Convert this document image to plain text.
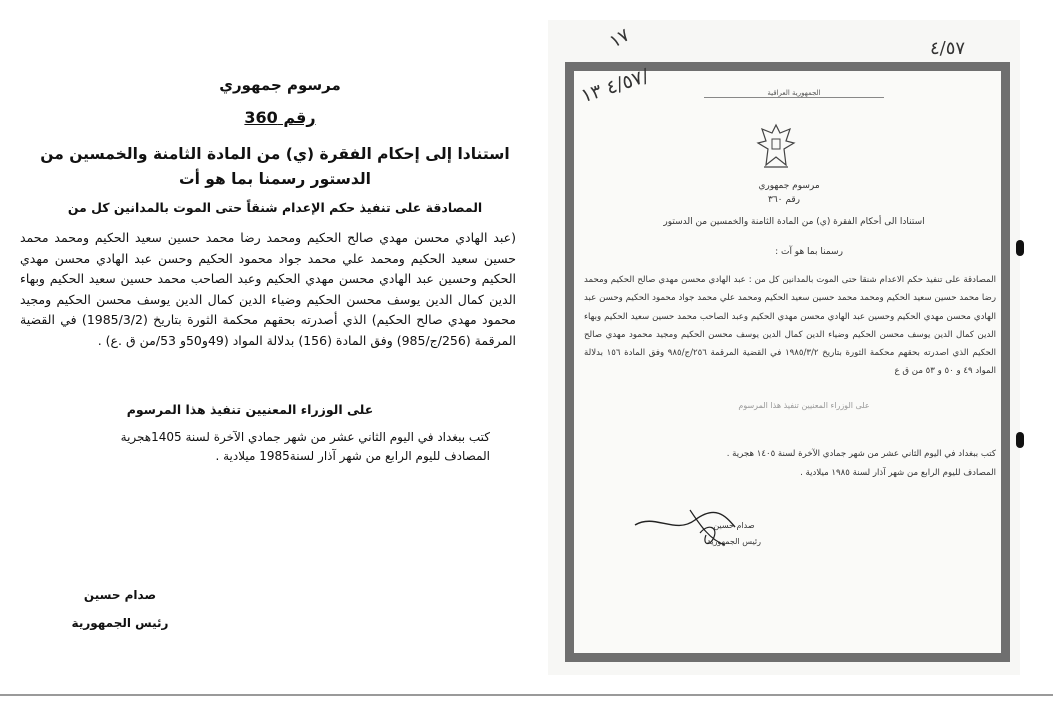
مرسوم جمهوري
رقم 360
استنادا إلى إحكام الفقرة (ي) من المادة الثامنة والخمسين من الدستور رسمنا بما هو أت
المصادقة على تنفيذ حكم الإعدام شنقاً حتى الموت بالمدانين كل من
(عبد الهادي محسن مهدي صالح الحكيم ومحمد رضا محمد حسين سعيد الحكيم ومحمد محمد حسين سعيد الحكيم ومحمد علي محمد جواد محمود الحكيم وحسن عبد الهادي محسن مهدي الحكيم وحسين عبد الهادي محسن مهدي الحكيم وعبد الصاحب محمد حسين سعيد الحكيم وبهاء الدين كمال الدين يوسف محسن الحكيم وضياء الدين كمال الدين يوسف محسن الحكيم ومجيد محمود مهدي صالح الحكيم) الذي أصدرته بحقهم محكمة الثورة بتاريخ (1985/3/2) في القضية المرقمة (256/ج/985) وفق المادة (156) بدلالة المواد (49و50و 53/من ق .ع) .
على الوزراء المعنيين تنفيذ هذا المرسوم
كتب ببغداد في اليوم الثاني عشر من شهر جمادي الآخرة لسنة 1405هجرية
المصادف لليوم الرابع من شهر آذار لسنة1985 ميلادية .
صدام حسين
رئيس الجمهورية
١٧	٤/٥٧
الجمهورية العراقية
مرسوم جمهوري
رقم ٣٦٠
استنادا الى أحكام الفقرة (ي) من المادة الثامنة والخمسين من الدستور
رسمنا بما هو آت :
المصادقة على تنفيذ حكم الاعدام شنقا حتى الموت بالمدانين كل من : عبد الهادي محسن مهدي صالح الحكيم ومحمد رضا محمد حسين سعيد الحكيم ومحمد محمد حسين سعيد الحكيم ومحمد علي محمد جواد محمود الحكيم وحسن عبد الهادي محسن مهدي الحكيم وحسين عبد الهادي محسن مهدي الحكيم وعبد الصاحب محمد حسين سعيد الحكيم وبهاء الدين كمال الدين يوسف محسن الحكيم وضياء الدين كمال الدين يوسف محسن الحكيم ومجيد محمود مهدي صالح الحكيم الذي اصدرته بحقهم محكمة الثورة بتاريخ ١٩٨٥/٣/٢ في القضية المرقمة ٢٥٦/ج/٩٨٥ وفق المادة ١٥٦ بدلالة المواد ٤٩ و ٥٠ و ٥٣ من ق ع
على الوزراء المعنيين تنفيذ هذا المرسوم
كتب ببغداد في اليوم الثاني عشر من شهر جمادي الآخرة لسنة ١٤٠٥ هجرية .
المصادف لليوم الرابع من شهر آذار لسنة ١٩٨٥ ميلادية .
صدام حسين
رئيس الجمهورية
٤/٥٧ ١٣/
